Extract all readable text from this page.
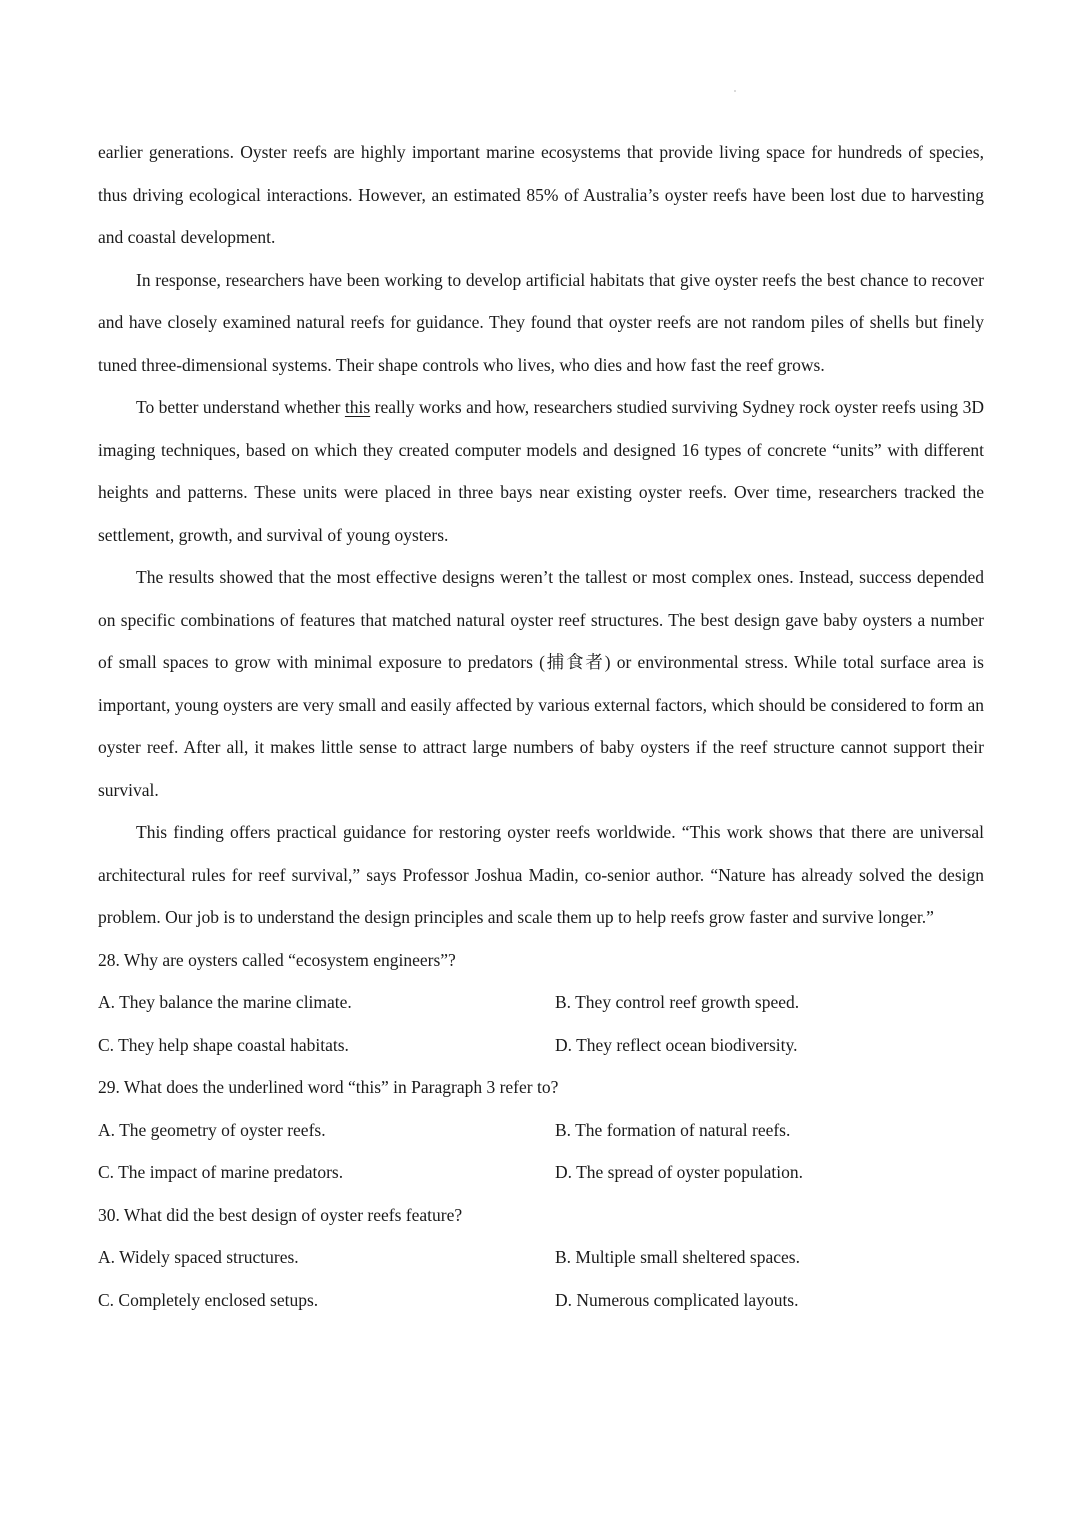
earlier generations. Oyster reefs are highly important marine ecosystems that provide living space for hundreds of species, thus driving ecological interactions. However, an estimated 85% of Australia’s oyster reefs have been lost due to harvesting and coastal development.

In response, researchers have been working to develop artificial habitats that give oyster reefs the best chance to recover and have closely examined natural reefs for guidance. They found that oyster reefs are not random piles of shells but finely tuned three-dimensional systems. Their shape controls who lives, who dies and how fast the reef grows.

To better understand whether this really works and how, researchers studied surviving Sydney rock oyster reefs using 3D imaging techniques, based on which they created computer models and designed 16 types of concrete “units” with different heights and patterns. These units were placed in three bays near existing oyster reefs. Over time, researchers tracked the settlement, growth, and survival of young oysters.

The results showed that the most effective designs weren’t the tallest or most complex ones. Instead, success depended on specific combinations of features that matched natural oyster reef structures. The best design gave baby oysters a number of small spaces to grow with minimal exposure to predators (捕食者) or environmental stress. While total surface area is important, young oysters are very small and easily affected by various external factors, which should be considered to form an oyster reef. After all, it makes little sense to attract large numbers of baby oysters if the reef structure cannot support their survival.

This finding offers practical guidance for restoring oyster reefs worldwide. “This work shows that there are universal architectural rules for reef survival,” says Professor Joshua Madin, co-senior author. “Nature has already solved the design problem. Our job is to understand the design principles and scale them up to help reefs grow faster and survive longer.”

28. Why are oysters called “ecosystem engineers”?

A. They balance the marine climate.	B. They control reef growth speed.
C. They help shape coastal habitats.	D. They reflect ocean biodiversity.

29. What does the underlined word “this” in Paragraph 3 refer to?

A. The geometry of oyster reefs.	B. The formation of natural reefs.
C. The impact of marine predators.	D. The spread of oyster population.

30. What did the best design of oyster reefs feature?

A. Widely spaced structures.	B. Multiple small sheltered spaces.
C. Completely enclosed setups.	D. Numerous complicated layouts.
